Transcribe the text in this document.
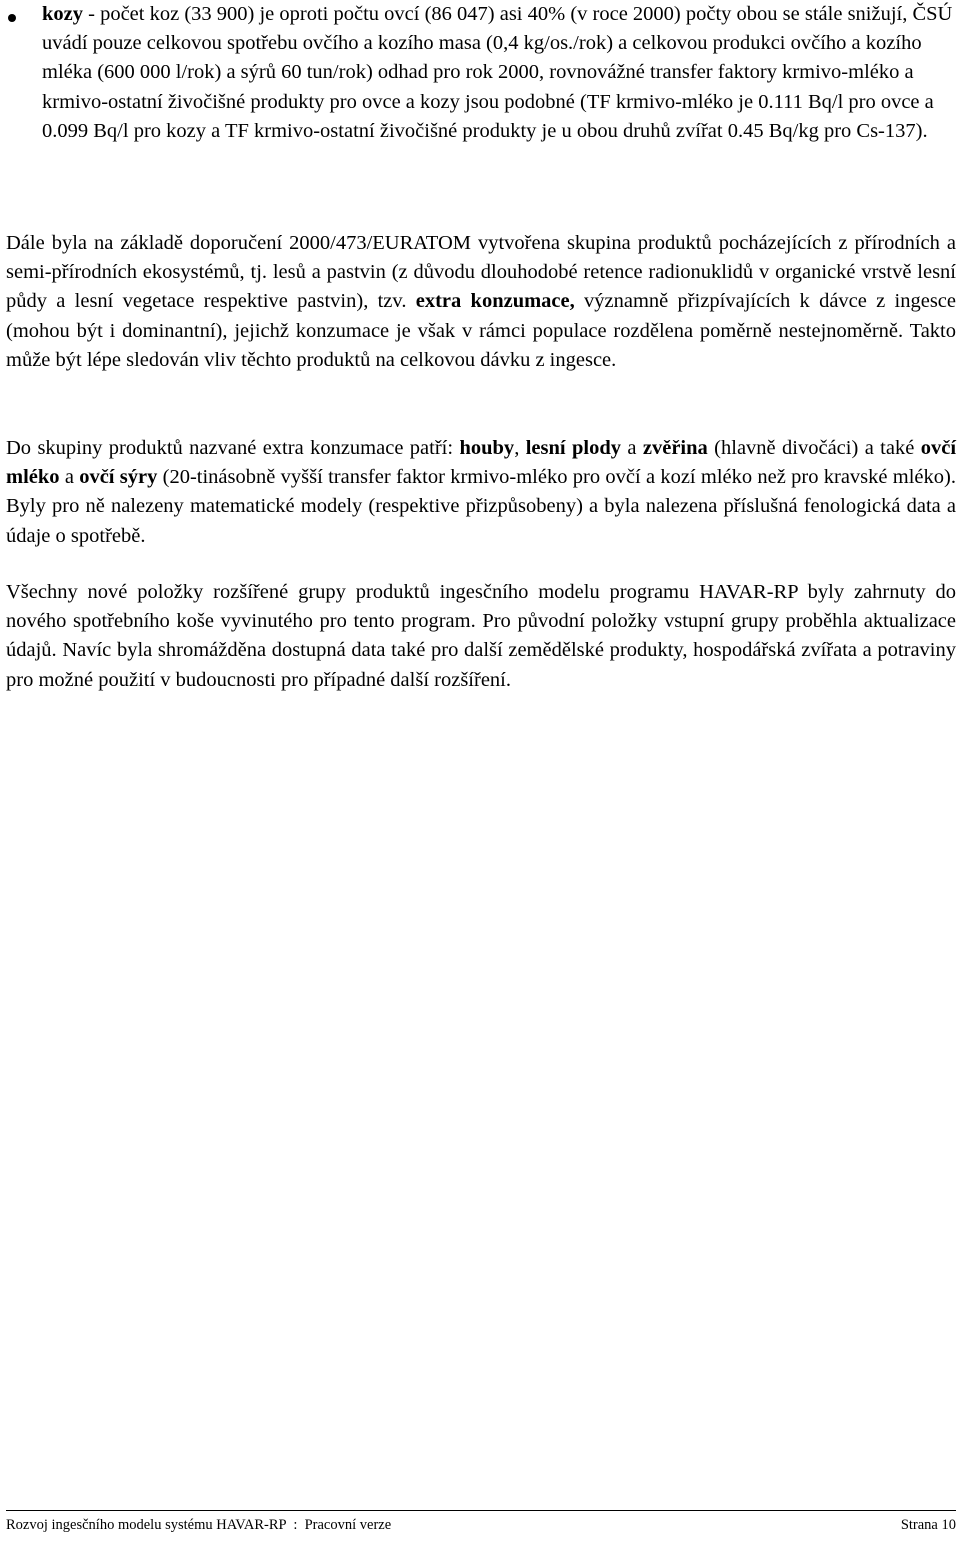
kozy - počet koz (33 900) je oproti počtu ovcí (86 047) asi 40% (v roce 2000) počty obou se stále snižují, ČSÚ uvádí pouze celkovou spotřebu ovčího a kozího masa (0,4 kg/os./rok) a celkovou produkci ovčího a kozího mléka (600 000 l/rok) a sýrů 60 tun/rok) odhad pro rok 2000, rovnovážné transfer faktory krmivo-mléko a krmivo-ostatní živočišné produkty pro ovce a kozy jsou podobné (TF krmivo-mléko je 0.111 Bq/l pro ovce a 0.099 Bq/l pro kozy a TF krmivo-ostatní živočišné produkty je u obou druhů zvířat 0.45 Bq/kg pro Cs-137).

Dále byla na základě doporučení 2000/473/EURATOM vytvořena skupina produktů pocházejících z přírodních a semi-přírodních ekosystémů, tj. lesů a pastvin (z důvodu dlouhodobé retence radionuklidů v organické vrstvě lesní půdy a lesní vegetace respektive pastvin), tzv. extra konzumace, významně přizpívajících k dávce z ingesce (mohou být i dominantní), jejichž konzumace je však v rámci populace rozdělena poměrně nestejnoměrně. Takto může být lépe sledován vliv těchto produktů na celkovou dávku z ingesce.

Do skupiny produktů nazvané extra konzumace patří: houby, lesní plody a zvěřina (hlavně divočáci) a také ovčí mléko a ovčí sýry (20-tinásobně vyšší transfer faktor krmivo-mléko pro ovčí a kozí mléko než pro kravské mléko). Byly pro ně nalezeny matematické modely (respektive přizpůsobeny) a byla nalezena příslušná fenologická data a údaje o spotřebě.

Všechny nové položky rozšířené grupy produktů ingesčního modelu programu HAVAR-RP byly zahrnuty do nového spotřebního koše vyvinutého pro tento program. Pro původní položky vstupní grupy proběhla aktualizace údajů. Navíc byla shromážděna dostupná data také pro další zemědělské produkty, hospodářská zvířata a potraviny pro možné použití v budoucnosti pro případné další rozšíření.

Rozvoj ingesčního modelu systému HAVAR-RP  :  Pracovní verze	Strana 10
